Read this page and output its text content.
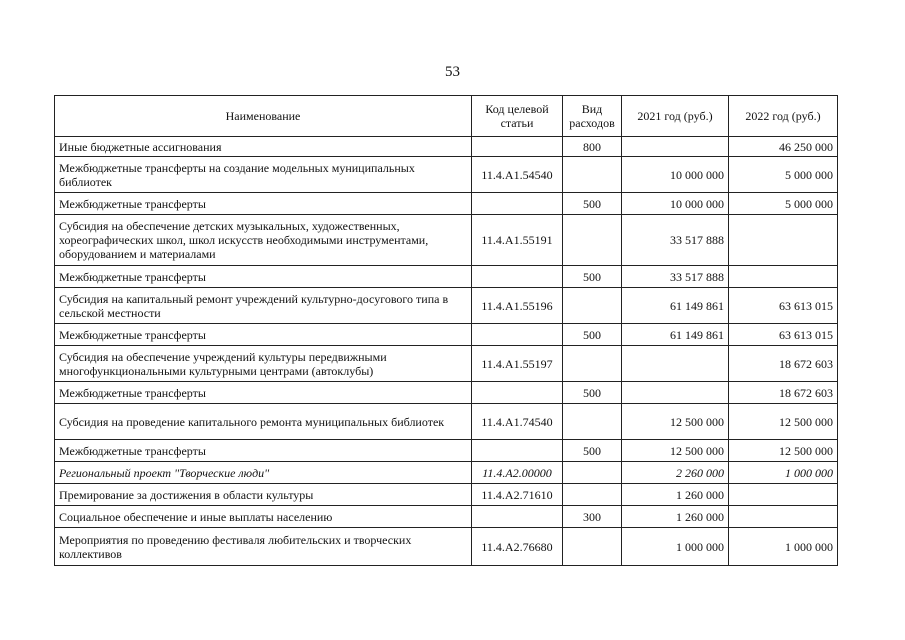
53
Наименование	Код целевой статьи	Вид расходов	2021 год (руб.)	2022 год (руб.)
Иные бюджетные ассигнования		800		46 250 000
Межбюджетные трансферты на создание модельных муниципальных библиотек	11.4.А1.54540		10 000 000	5 000 000
Межбюджетные трансферты		500	10 000 000	5 000 000
Субсидия на обеспечение детских музыкальных, художественных, хореографических школ, школ искусств необходимыми инструментами, оборудованием и материалами	11.4.А1.55191		33 517 888	
Межбюджетные трансферты		500	33 517 888	
Субсидия на капитальный ремонт учреждений культурно-досугового типа в сельской местности	11.4.А1.55196		61 149 861	63 613 015
Межбюджетные трансферты		500	61 149 861	63 613 015
Субсидия на обеспечение учреждений культуры передвижными многофункциональными культурными центрами (автоклубы)	11.4.А1.55197			18 672 603
Межбюджетные трансферты		500		18 672 603
Субсидия на проведение капитального ремонта муниципальных библиотек	11.4.А1.74540		12 500 000	12 500 000
Межбюджетные трансферты		500	12 500 000	12 500 000
Региональный проект "Творческие люди"	11.4.А2.00000		2 260 000	1 000 000
Премирование за достижения в области культуры	11.4.А2.71610		1 260 000	
Социальное обеспечение и иные выплаты населению		300	1 260 000	
Мероприятия по проведению фестиваля любительских и творческих коллективов	11.4.А2.76680		1 000 000	1 000 000
